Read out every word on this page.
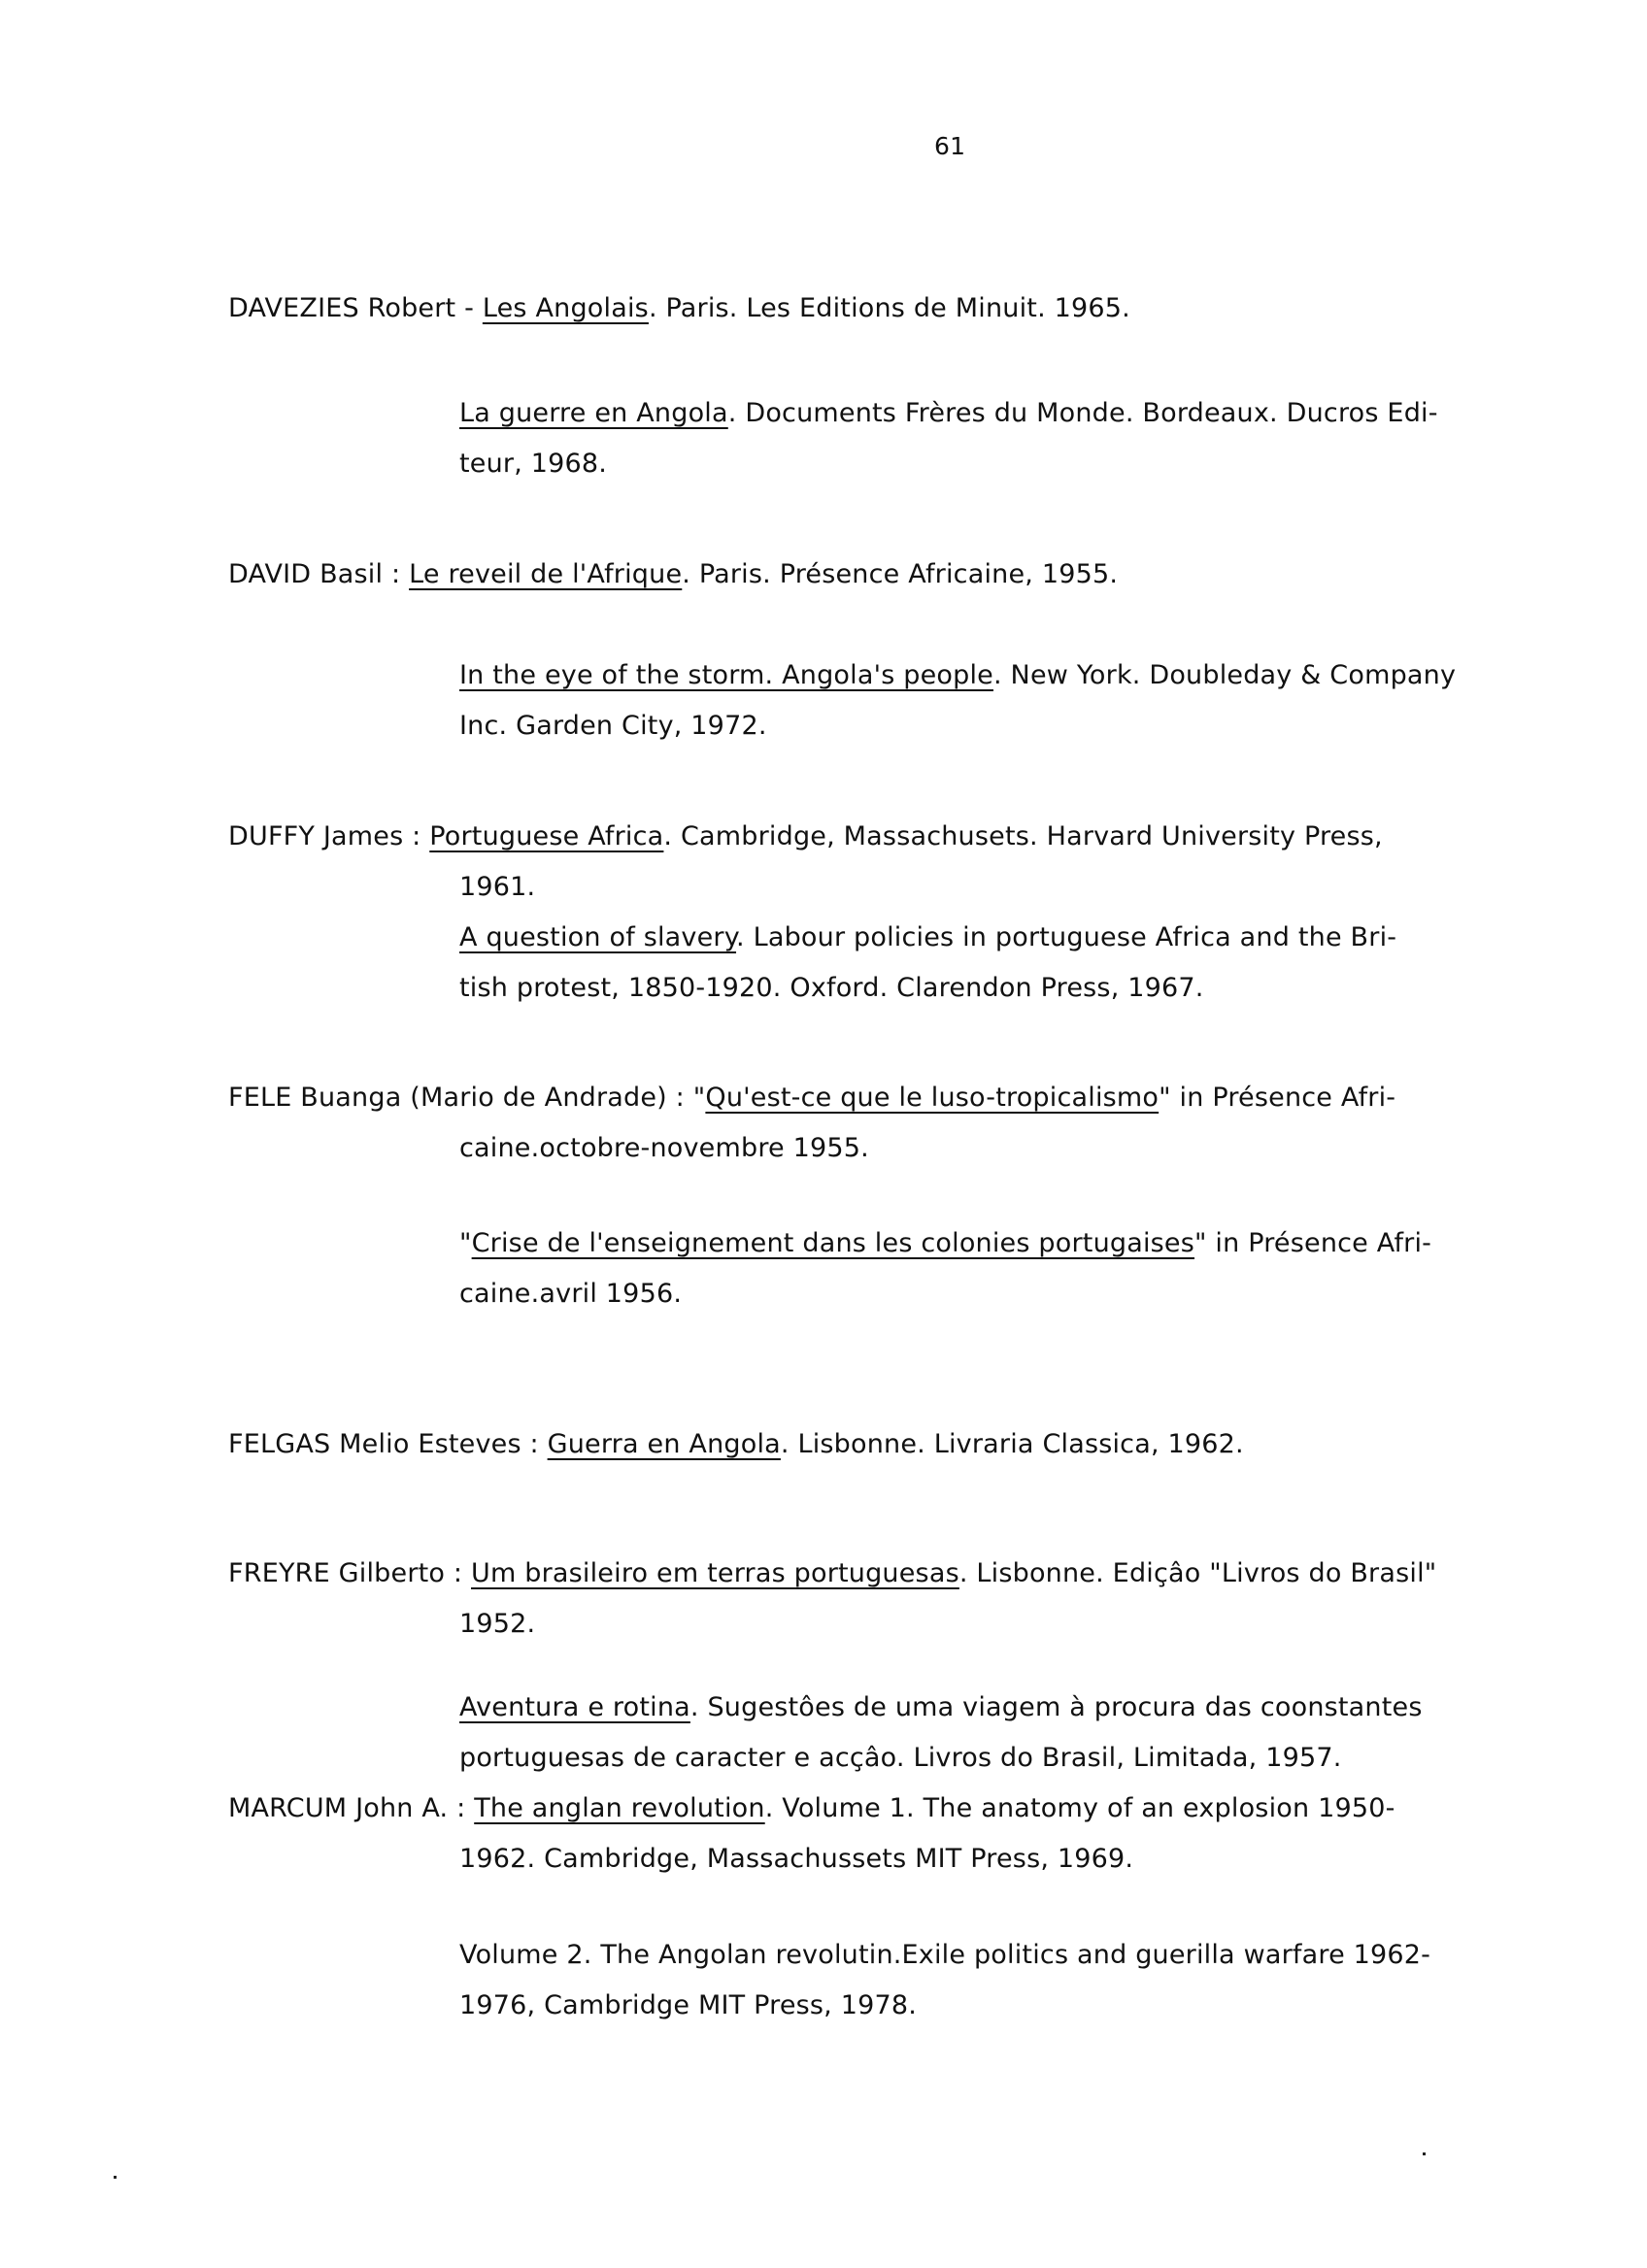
61
DAVEZIES Robert - Les Angolais. Paris. Les Editions de Minuit. 1965.
La guerre en Angola. Documents Frères du Monde. Bordeaux. Ducros Edi-
teur, 1968.
DAVID Basil : Le reveil de l'Afrique. Paris. Présence Africaine, 1955.
In the eye of the storm. Angola's people. New York. Doubleday & Company
Inc. Garden City, 1972.
DUFFY James : Portuguese Africa. Cambridge, Massachusets. Harvard University Press,
1961.
A question of slavery. Labour policies in portuguese Africa and the Bri-
tish protest, 1850-1920. Oxford. Clarendon Press, 1967.
FELE Buanga (Mario de Andrade) : "Qu'est-ce que le luso-tropicalismo" in Présence Afri-
caine.octobre-novembre 1955.
"Crise de l'enseignement dans les colonies portugaises" in Présence Afri-
caine.avril 1956.
FELGAS Melio Esteves : Guerra en Angola. Lisbonne. Livraria Classica, 1962.
FREYRE Gilberto : Um brasileiro em terras portuguesas. Lisbonne. Ediçâo "Livros do Brasil"
1952.
Aventura e rotina. Sugestôes de uma viagem à procura das coonstantes
portuguesas de caracter e acçâo. Livros do Brasil, Limitada, 1957.
MARCUM John A. : The anglan revolution. Volume 1. The anatomy of an explosion 1950-
1962. Cambridge, Massachussets MIT Press, 1969.
Volume 2. The Angolan revolutin.Exile politics and guerilla warfare 1962-
1976, Cambridge MIT Press, 1978.
